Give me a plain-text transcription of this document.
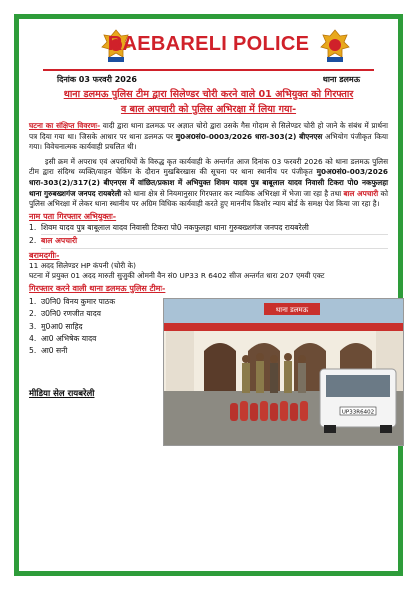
RAEBARELI POLICE
दिनांक 03 फरवरी 2026	थाना डलमऊ
थाना डलमऊ पुलिस टीम द्वारा सिलेण्डर चोरी करने वाले 01 अभियुक्त को गिरफ्तार
व बाल अपचारी को पुलिस अभिरक्षा में लिया गया-

घटना का संक्षिप्त विवरणः- वादी द्वारा थाना डलमऊ पर अज्ञात चोरो द्वारा उसके गैस गोदाम से सिलेण्डर चोरी हो जाने के संबंध में प्रार्थना पत्र दिया गया था। जिसके आधार पर थाना डलमऊ पर मु0अ0सं0-0003/2026 धारा-303(2) बीएनएस अभियोग पंजीकृत किया गया। विवेचनात्मक कार्यवाही प्रचलित थी।

इसी क्रम में अपराध एवं अपराधियों के विरुद्ध कृत कार्यवाही के अन्तर्गत आज दिनांक 03 फरवरी 2026 को थाना डलमऊ पुलिस टीम द्वारा संदिग्ध व्यक्ति/वाहन चेकिंग के दौरान मुखबिरखास की सूचना पर थाना स्थानीय पर पंजीकृत मु0अ0सं0-003/2026 धारा-303(2)/317(2) बीएनएस में वांछित/प्रकाश में अभियुक्त शिवम यादव पुत्र बाबूलाल यादव निवासी टिकरा पो0 नकफुलहा थाना गुरुबख्शगंज जनपद रायबरेली को थाना क्षेत्र से नियमानुसार गिरफ्तार कर न्यायिक अभिरक्षा में भेजा जा रहा है तथा बाल अपचारी को पुलिस अभिरक्षा में लेकर थाना स्थानीय पर अग्रिम विधिक कार्यवाही करते हुए माननीय किशोर न्याय बोर्ड के समक्ष पेश किया जा रहा है।

नाम पता गिरफ्तार अभियुक्तः-
1. शिवम यादव पुत्र बाबूलाल यादव निवासी टिकरा पो0 नकफुलहा थाना गुरुबख्शगंज जनपद रायबरेली
2. बाल अपचारी
बरामदगीः-

11 अदद सिलेण्डर HP कंपनी (चोरी के)

घटना में प्रयुक्त 01 अदद मारुती सुजुकी ओमनी वैन सं0 UP33 R 6402 सीज अन्तर्गत धारा 207 एमवी एक्ट

गिरफ्तार करने वाली थाना डलमऊ पुलिस टीमः-
1. उ0नि0 विनय कुमार पाठक
2. उ0नि0 रणजीत यादव
3. मु0आ0 साहिद
4. आ0 अभिषेक यादव
5. आ0 सनी
मीडिया सेल रायबरेली
थाना डलमऊ
UP33R6402
